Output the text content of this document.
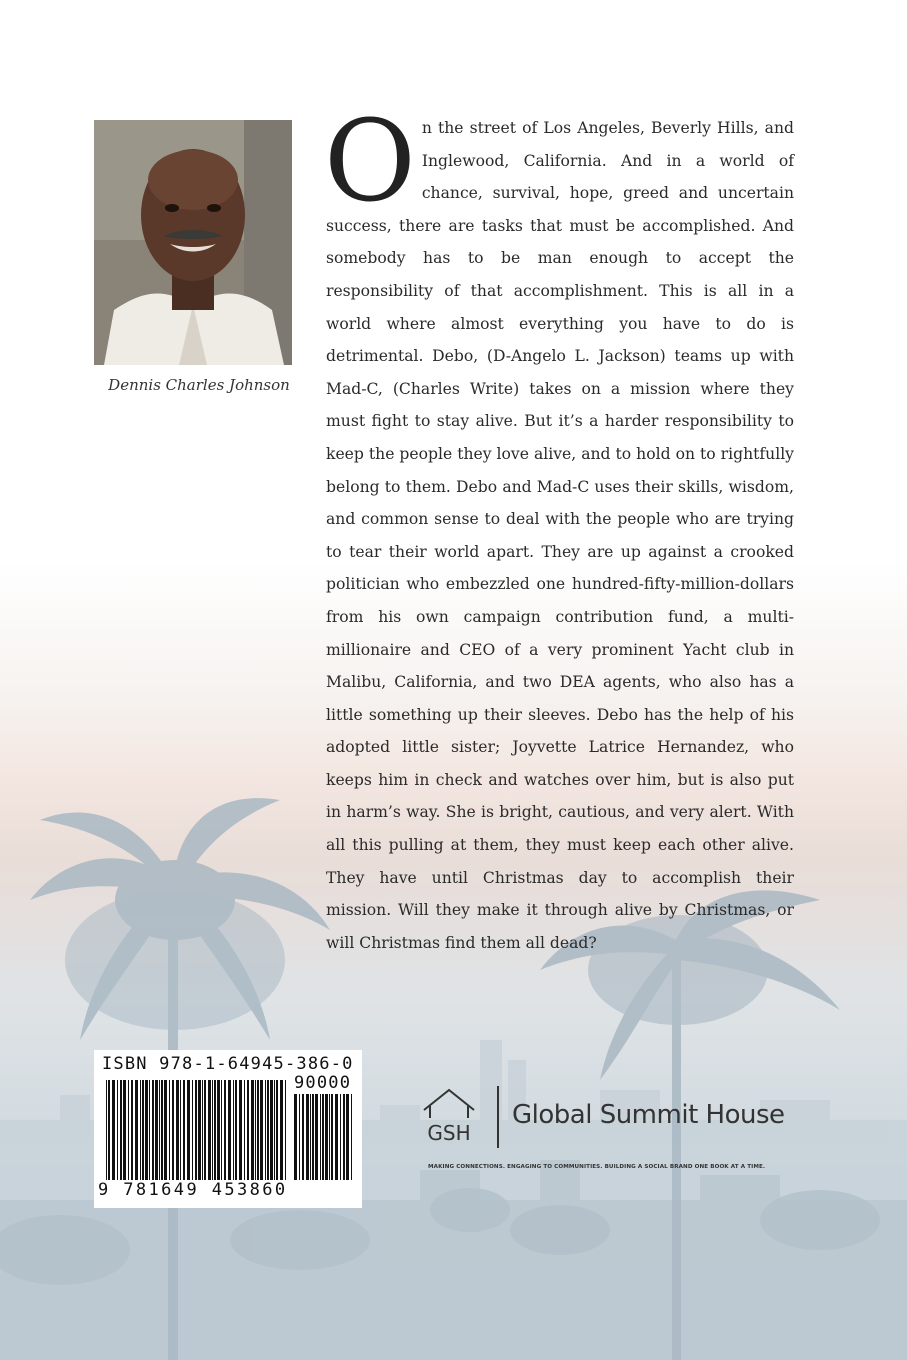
Dennis Charles Johnson
On the street of Los Angeles, Beverly Hills, and Inglewood, California. And in a world of chance, survival, hope, greed and uncertain success, there are tasks that must be accomplished. And somebody has to be man enough to accept the responsibility of that accomplishment. This is all in a world where almost everything you have to do is detrimental. Debo, (D-Angelo L. Jackson) teams up with Mad-C, (Charles Write) takes on a mission where they must fight to stay alive. But it’s a harder responsibility to keep the people they love alive, and to hold on to rightfully belong to them. Debo and Mad-C uses their skills, wisdom, and common sense to deal with the people who are trying to tear their world apart. They are up against a crooked politician who embezzled one hundred-fifty-million-dollars from his own campaign contribution fund, a multi-millionaire and CEO of a very prominent Yacht club in Malibu, California, and two DEA agents, who also has a little something up their sleeves. Debo has the help of his adopted little sister; Joyvette Latrice Hernandez, who keeps him in check and watches over him, but is also put in harm’s way. She is bright, cautious, and very alert. With all this pulling at them, they must keep each other alive. They have until Christmas day to accomplish their mission. Will they make it through alive by Christmas, or will Christmas find them all dead?
ISBN 978-1-64945-386-0
90000
9 781649 453860
GSH
Global Summit House
MAKING CONNECTIONS. ENGAGING TO COMMUNITIES. BUILDING A SOCIAL BRAND ONE BOOK AT A TIME.
